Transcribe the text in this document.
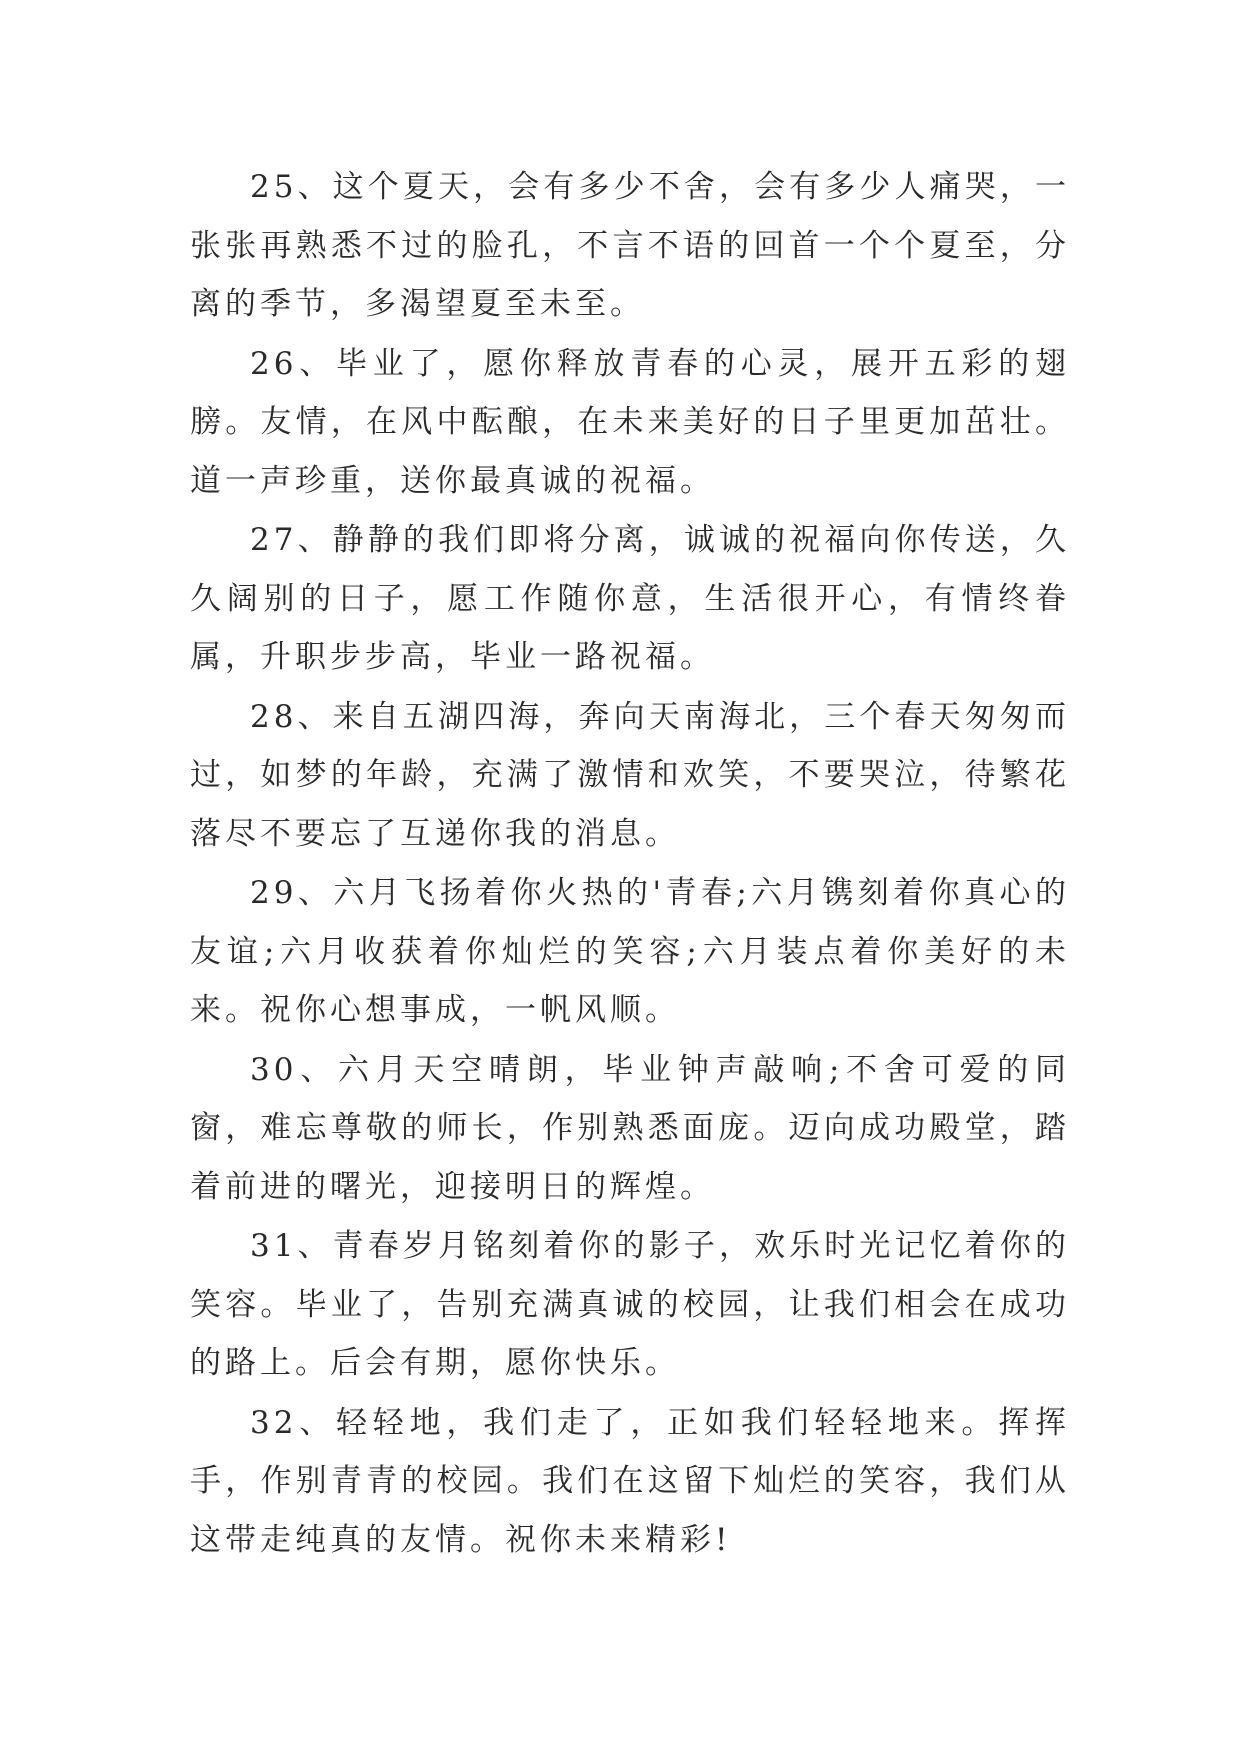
25、这个夏天，会有多少不舍，会有多少人痛哭，一张张再熟悉不过的脸孔，不言不语的回首一个个夏至，分离的季节，多渴望夏至未至。

26、毕业了，愿你释放青春的心灵，展开五彩的翅膀。友情，在风中酝酿，在未来美好的日子里更加茁壮。道一声珍重，送你最真诚的祝福。

27、静静的我们即将分离，诚诚的祝福向你传送，久久阔别的日子，愿工作随你意，生活很开心，有情终眷属，升职步步高，毕业一路祝福。

28、来自五湖四海，奔向天南海北，三个春天匆匆而过，如梦的年龄，充满了激情和欢笑，不要哭泣，待繁花落尽不要忘了互递你我的消息。

29、六月飞扬着你火热的'青春;六月镌刻着你真心的友谊;六月收获着你灿烂的笑容;六月装点着你美好的未来。祝你心想事成，一帆风顺。

30、六月天空晴朗，毕业钟声敲响;不舍可爱的同窗，难忘尊敬的师长，作别熟悉面庞。迈向成功殿堂，踏着前进的曙光，迎接明日的辉煌。

31、青春岁月铭刻着你的影子，欢乐时光记忆着你的笑容。毕业了，告别充满真诚的校园，让我们相会在成功的路上。后会有期，愿你快乐。

32、轻轻地，我们走了，正如我们轻轻地来。挥挥手，作别青青的校园。我们在这留下灿烂的笑容，我们从这带走纯真的友情。祝你未来精彩!
